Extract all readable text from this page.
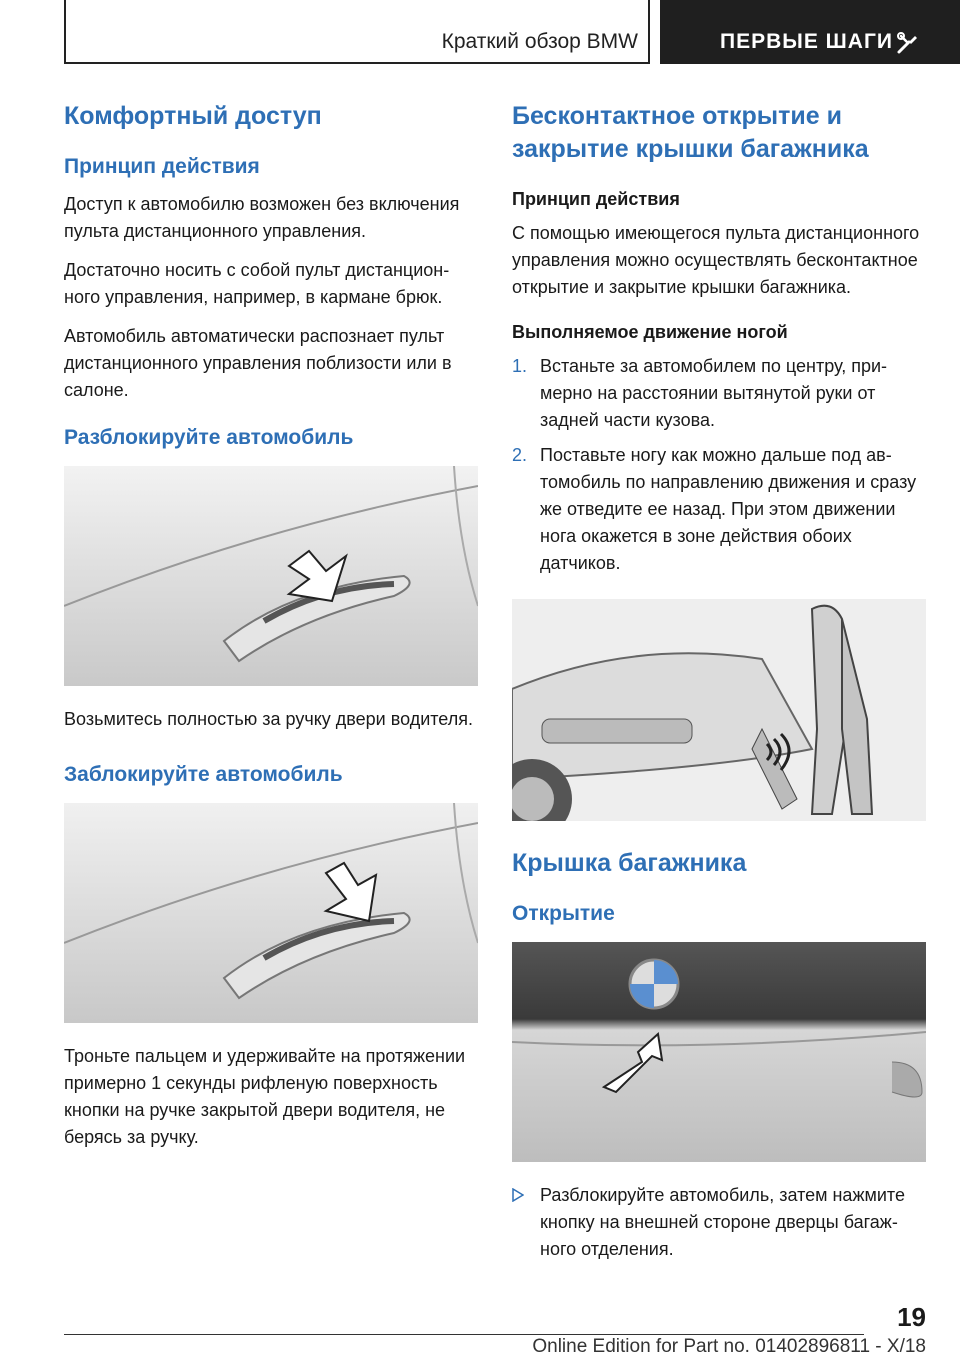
Краткий обзор BMW	ПЕРВЫЕ ШАГИ
Комфортный доступ
Принцип действия

Доступ к автомобилю возможен без включения пульта дистанционного управления.

Достаточно носить с собой пульт дистанционного управления, например, в кармане брюк.

Автомобиль автоматически распознает пульт дистанционного управления поблизости или в салоне.

Разблокируйте автомобиль

Возьмитесь полностью за ручку двери водителя.

Заблокируйте автомобиль

Троньте пальцем и удерживайте на протяжении примерно 1 секунды рифленую поверхность кнопки на ручке закрытой двери водителя, не берясь за ручку.

Бесконтактное открытие и закрытие крышки багажника
Принцип действия

С помощью имеющегося пульта дистанционного управления можно осуществлять бесконтактное открытие и закрытие крышки багажника.

Выполняемое движение ногой
1. Встаньте за автомобилем по центру, примерно на расстоянии вытянутой руки от задней части кузова.
2. Поставьте ногу как можно дальше под автомобиль по направлению движения и сразу же отведите ее назад. При этом движении нога окажется в зоне действия обоих датчиков.
Крышка багажника
Открытие
Разблокируйте автомобиль, затем нажмите кнопку на внешней стороне дверцы багажного отделения.
19
Online Edition for Part no. 01402896811 - X/18
